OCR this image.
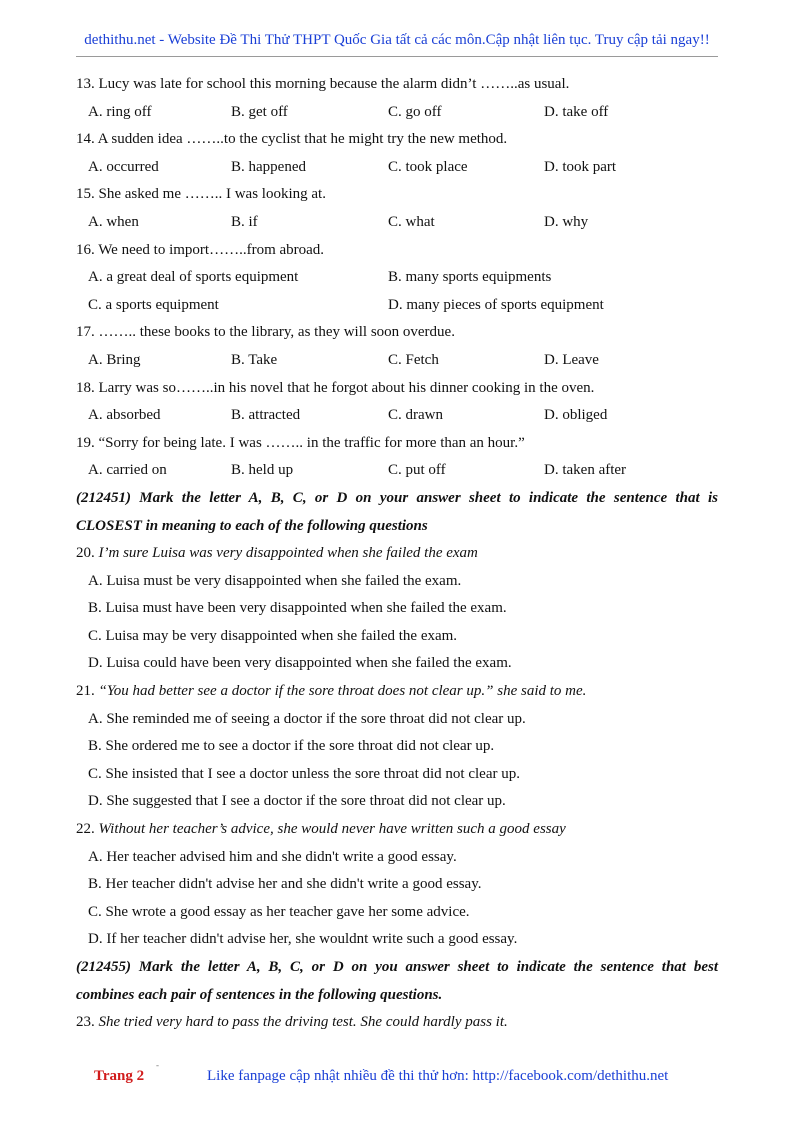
dethithu.net - Website Đề Thi Thử THPT Quốc Gia tất cả các môn.Cập nhật liên tục. Truy cập tải ngay!!
13. Lucy was late for school this morning because the alarm didn’t ……..as usual.
A. ring off	B. get off	C. go off	D. take off
14. A sudden idea ……..to the cyclist that he might try the new method.
A. occurred	B. happened	C. took place	D. took part
15. She asked me …….. I was looking at.
A. when	B. if	C. what	D. why
16. We need to import……..from abroad.
A. a great deal of sports equipment	B. many sports equipments
C. a sports equipment	D. many pieces of sports equipment
17. …….. these books to the library, as they will soon overdue.
A. Bring	B. Take	C. Fetch	D. Leave
18. Larry was so……..in his novel that he forgot about his dinner cooking in the oven.
A. absorbed	B. attracted	C. drawn	D. obliged
19. “Sorry for being late. I was …….. in the traffic for more than an hour.”
A. carried on	B. held up	C. put off	D. taken after
(212451) Mark the letter A, B, C, or D on your answer sheet to indicate the sentence that is
CLOSEST in meaning to each of the following questions
20. I’m sure Luisa was very disappointed when she failed the exam
A. Luisa must be very disappointed when she failed the exam.
B. Luisa must have been very disappointed when she failed the exam.
C. Luisa may be very disappointed when she failed the exam.
D. Luisa could have been very disappointed when she failed the exam.
21. “You had better see a doctor if the sore throat does not clear up.” she said to me.
A. She reminded me of seeing a doctor if the sore throat did not clear up.
B. She ordered me to see a doctor if the sore throat did not clear up.
C. She insisted that I see a doctor unless the sore throat did not clear up.
D. She suggested that I see a doctor if the sore throat did not clear up.
22. Without her teacher’s advice, she would never have written such a good essay
A. Her teacher advised him and she didn't write a good essay.
B. Her teacher didn't advise her and she didn't write a good essay.
C. She wrote a good essay as her teacher gave her some advice.
D. If her teacher didn't advise her, she wouldnt write such a good essay.
(212455) Mark the letter A, B, C, or D on you answer sheet to indicate the sentence that best
combines each pair of sentences in the following questions.
23. She tried very hard to pass the driving test. She could hardly pass it.
Trang 2
-
Like fanpage cập nhật nhiều đề thi thử hơn: http://facebook.com/dethithu.net
